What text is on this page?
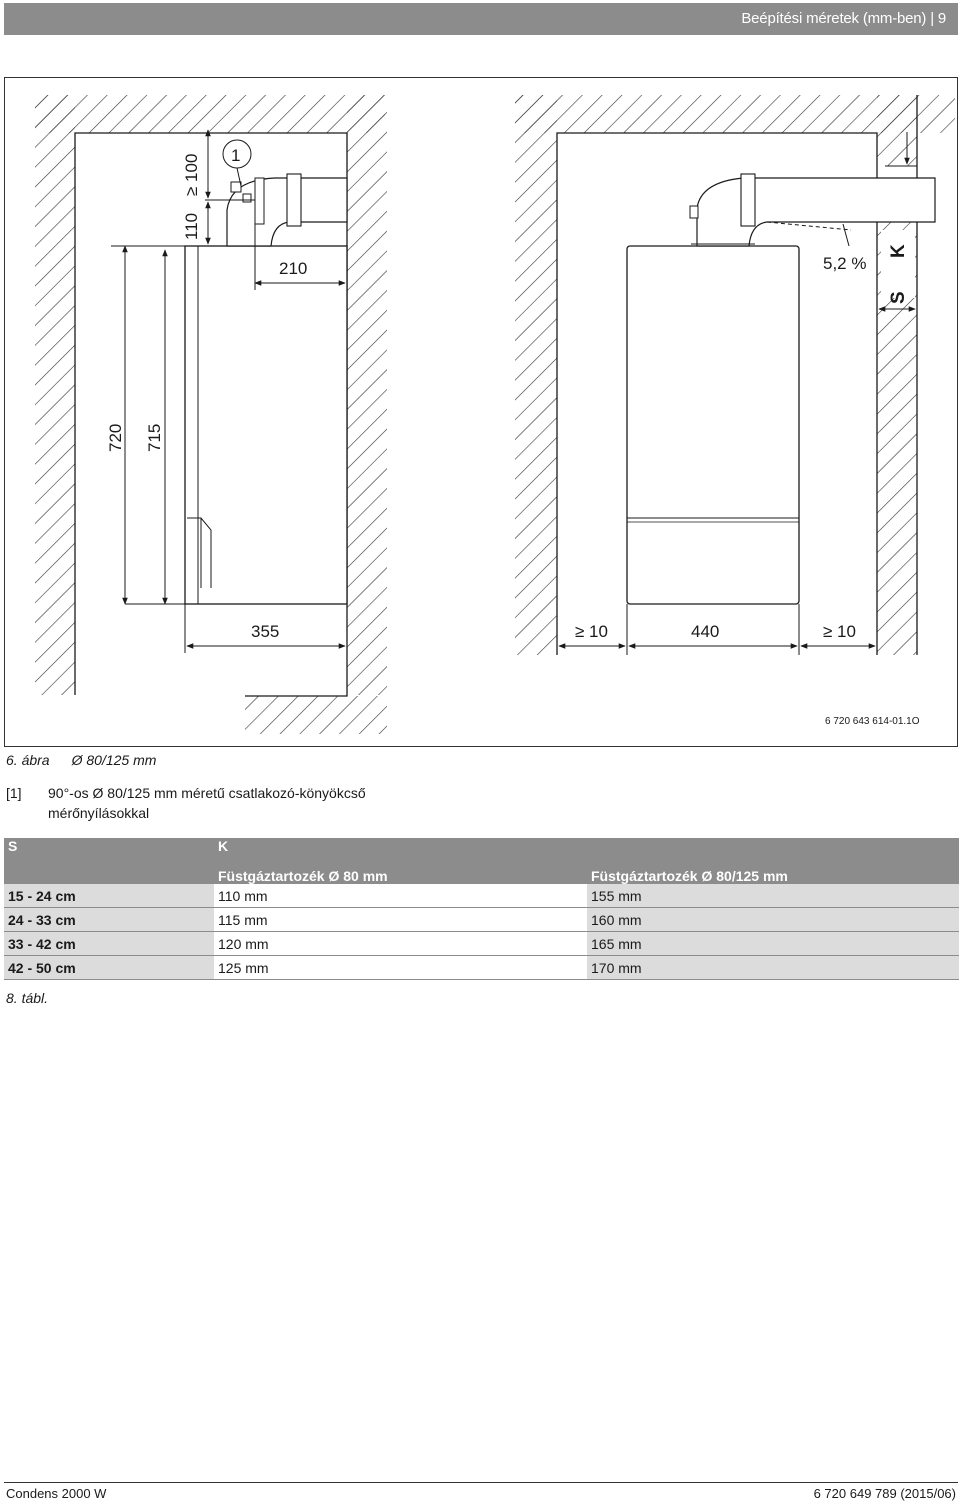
Beépítési méretek (mm-ben) | 9
1
≥ 100
110
210
720 715
355	≥ 10	440	≥ 10
5,2 %
K
S
6 720 643 614-01.1O
6. ábra Ø 80/125 mm
[1] 90°-os Ø 80/125 mm méretű csatlakozó-könyökcső
mérőnyílásokkal
S	K	
	Füstgáztartozék Ø 80 mm	Füstgáztartozék Ø 80/125 mm
15 - 24 cm	110 mm	155 mm
24 - 33 cm	115 mm	160 mm
33 - 42 cm	120 mm	165 mm
42 - 50 cm	125 mm	170 mm
8. tábl.
Condens 2000 W	6 720 649 789 (2015/06)
